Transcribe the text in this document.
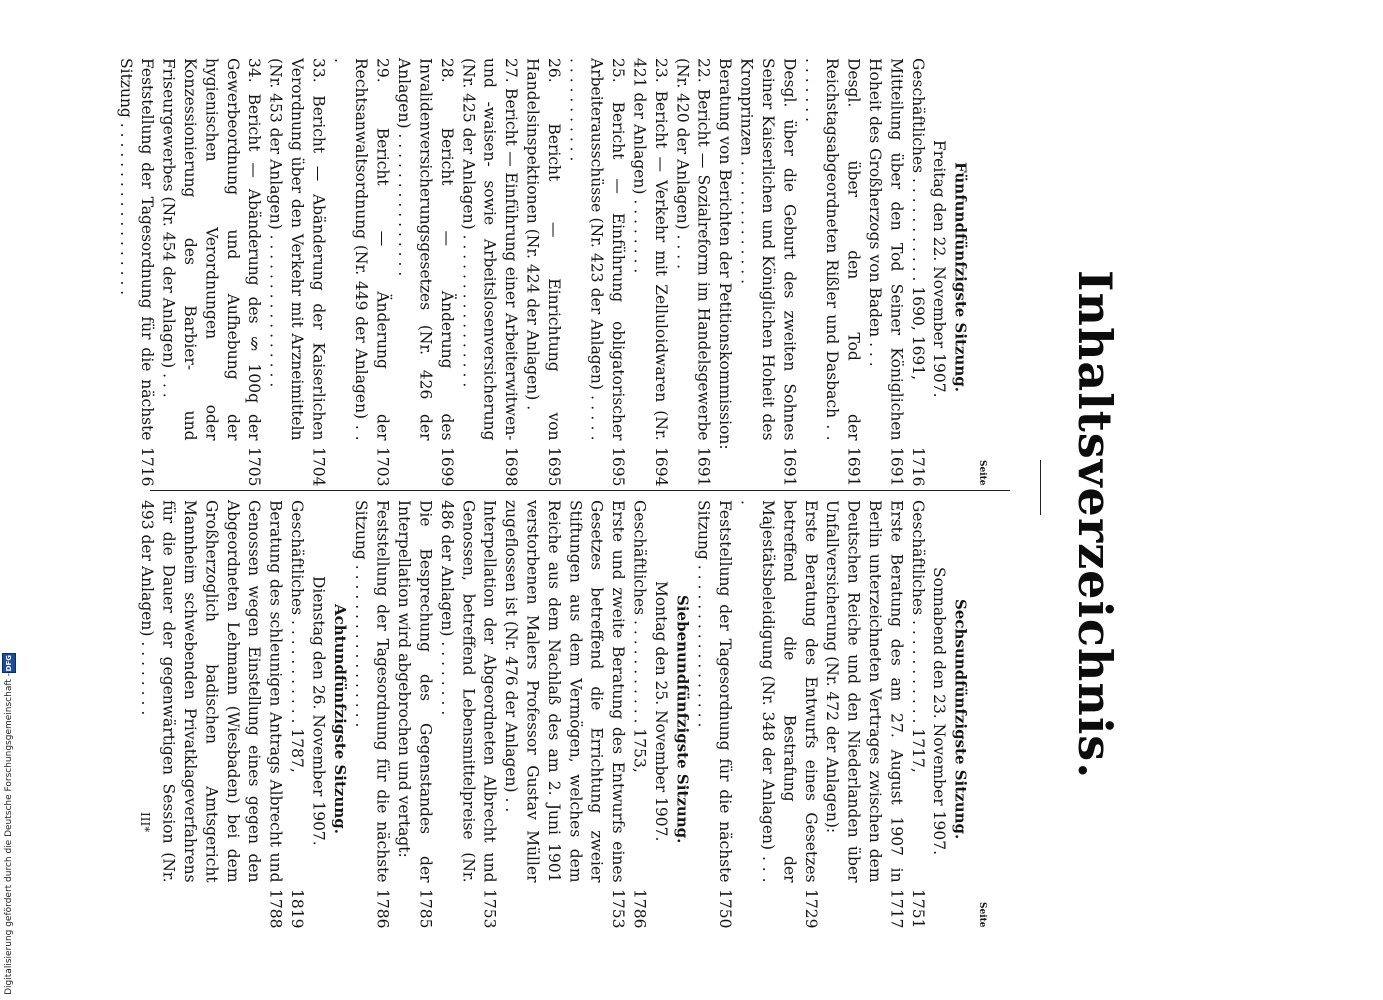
Inhaltsverzeichnis.
Seite
Fünfundfünfzigste Sitzung.
Freitag den 22. November 1907.
Geschäftliches . . . . . . . . . . . 1690, 1691,
1716
Mitteilung über den Tod Seiner Königlichen Hoheit des Großherzogs von Baden . . .
1691
Desgl. über den Tod der Reichstagsabgeordneten Rißler und Dasbach . . . . . . . . .
1691
Desgl. über die Geburt des zweiten Sohnes Seiner Kaiserlichen und Königlichen Hoheit des Kronprinzen . . . . . . . . . . . . .
1691
Beratung von Berichten der Petitionskommission:
22. Bericht — Sozialreform im Handelsgewerbe (Nr. 420 der Anlagen) . . . .
1691
23. Bericht — Verkehr mit Zelluloidwaren (Nr. 421 der Anlagen) . . . . . . . .
1694
25. Bericht — Einführung obligatorischer Arbeiterausschüsse (Nr. 423 der Anlagen) . . . . . . . . . . . . . . . .
1695
26. Bericht — Einrichtung von Handelsinspektionen (Nr. 424 der Anlagen) .
1695
27. Bericht — Einführung einer Arbeiterwitwen- und -waisen- sowie Arbeitslosenversicherung (Nr. 425 der Anlagen) . . . . . . . . . . . . . . . .
1698
28. Bericht — Änderung des Invalidenversicherungsgesetzes (Nr. 426 der Anlagen) . . . . . . . . . . . . . . .
1699
29. Bericht — Änderung der Rechtsanwaltsordnung (Nr. 449 der Anlagen) . . .
1703
33. Bericht — Abänderung der Kaiserlichen Verordnung über den Verkehr mit Arzneimitteln (Nr. 453 der Anlagen) . . . . . . . . . . . . . . . .
1704
34. Bericht — Abänderung des § 100q der Gewerbeordnung und Aufhebung der hygienischen Verordnungen oder Konzessionierung des Barbier- und Friseurgewerbes (Nr. 454 der Anlagen) . . .
1705
Feststellung der Tagesordnung für die nächste Sitzung . . . . . . . . . . . . . . . . . .
1716
Seite
Sechsundfünfzigste Sitzung.
Sonnabend den 23. November 1907.
Geschäftliches . . . . . . . . . . . 1717,
1751
Erste Beratung des am 27. August 1907 in Berlin unterzeichneten Vertrages zwischen dem Deutschen Reiche und den Niederlanden über Unfallversicherung (Nr. 472 der Anlagen):
1717
Erste Beratung des Entwurfs eines Gesetzes betreffend die Bestrafung der Majestätsbeleidigung (Nr. 348 der Anlagen) . . . .
1729
Feststellung der Tagesordnung für die nächste Sitzung . . . . . . . . . . . . . . . . .
1750
Siebenundfünfzigste Sitzung.
Montag den 25. November 1907.
Geschäftliches . . . . . . . . . . . 1753,
1786
Erste und zweite Beratung des Entwurfs eines Gesetzes betreffend die Errichtung zweier Stiftungen aus dem Vermögen, welches dem Reiche aus dem Nachlaß des am 2. Juni 1901 verstorbenen Malers Professor Gustav Müller zugeflossen ist (Nr. 476 der Anlagen) . .
1753
Interpellation der Abgeordneten Albrecht und Genossen, betreffend Lebensmittelpreise (Nr. 486 der Anlagen) . . . . . . . .
1753
Die Besprechung des Gegenstandes der Interpellation wird abgebrochen und vertagt:
1785
Feststellung der Tagesordnung für die nächste Sitzung . . . . . . . . . . . . . . . . .
1786
Achtundfünfzigste Sitzung.
Dienstag den 26. November 1907.
Geschäftliches . . . . . . . . . . . 1787,
1819
Beratung des schleunigen Antrags Albrecht und Genossen wegen Einstellung eines gegen den Abgeordneten Lehmann (Wiesbaden) bei dem Großherzoglich badischen Amtsgericht Mannheim schwebenden Privatklageverfahrens für die Dauer der gegenwärtigen Session (Nr. 493 der Anlagen) . . . . . . . .
1788
III*
Digitalisierung gefördert durch die Deutsche Forschungsgemeinschaft -
DFG
